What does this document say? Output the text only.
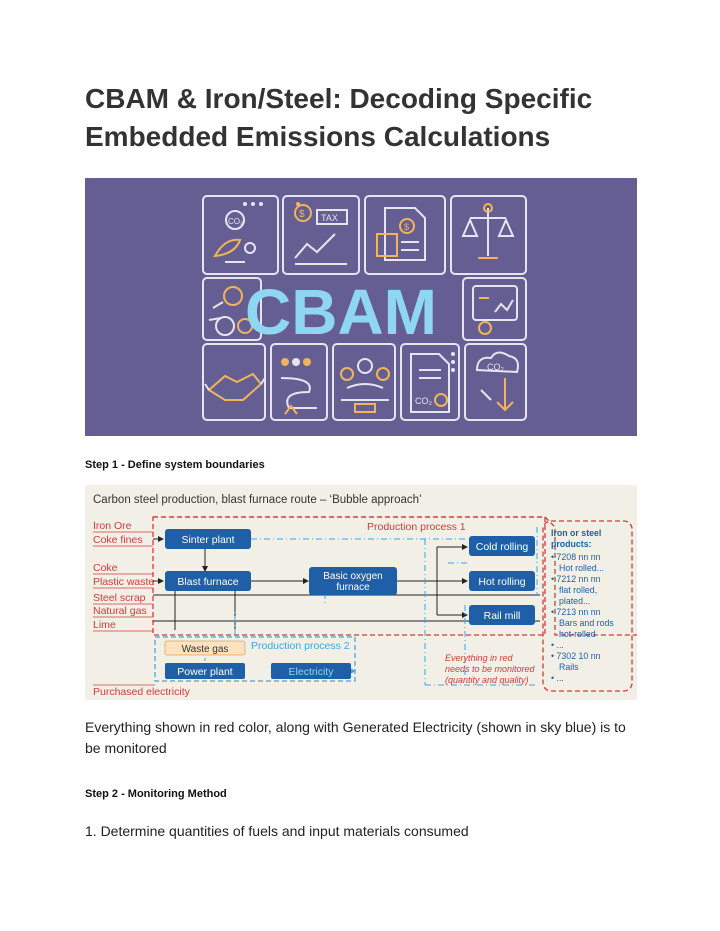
CBAM & Iron/Steel: Decoding Specific Embedded Emissions Calculations
CO₂
$ TAX
$
CBAM
CO₂
CO₂
Step 1 - Define system boundaries
Carbon steel production, blast furnace route – ‘Bubble approach’
Production process 1
Production process 2
Iron Ore
Coke fines
Coke
Plastic waste
Steel scrap
Natural gas
Lime
Purchased electricity
Sinter plant
Blast furnace	Basic oxygen
furnace
Cold rolling
Hot rolling
Rail mill
Waste gas
Power plant	Electricity
Iron or steel
products:
• 7208 nn nn
Hot rolled...
• 7212 nn nn
flat rolled,
plated...
• 7213 nn nn
Bars and rods
hot-rolled
• ...
• 7302 10 nn
Rails
• ...
Everything in red
needs to be monitored
(quantity and quality)
Everything shown in red color, along with Generated Electricity (shown in sky blue) is to be monitored
Step 2 - Monitoring Method
1. Determine quantities of fuels and input materials consumed
